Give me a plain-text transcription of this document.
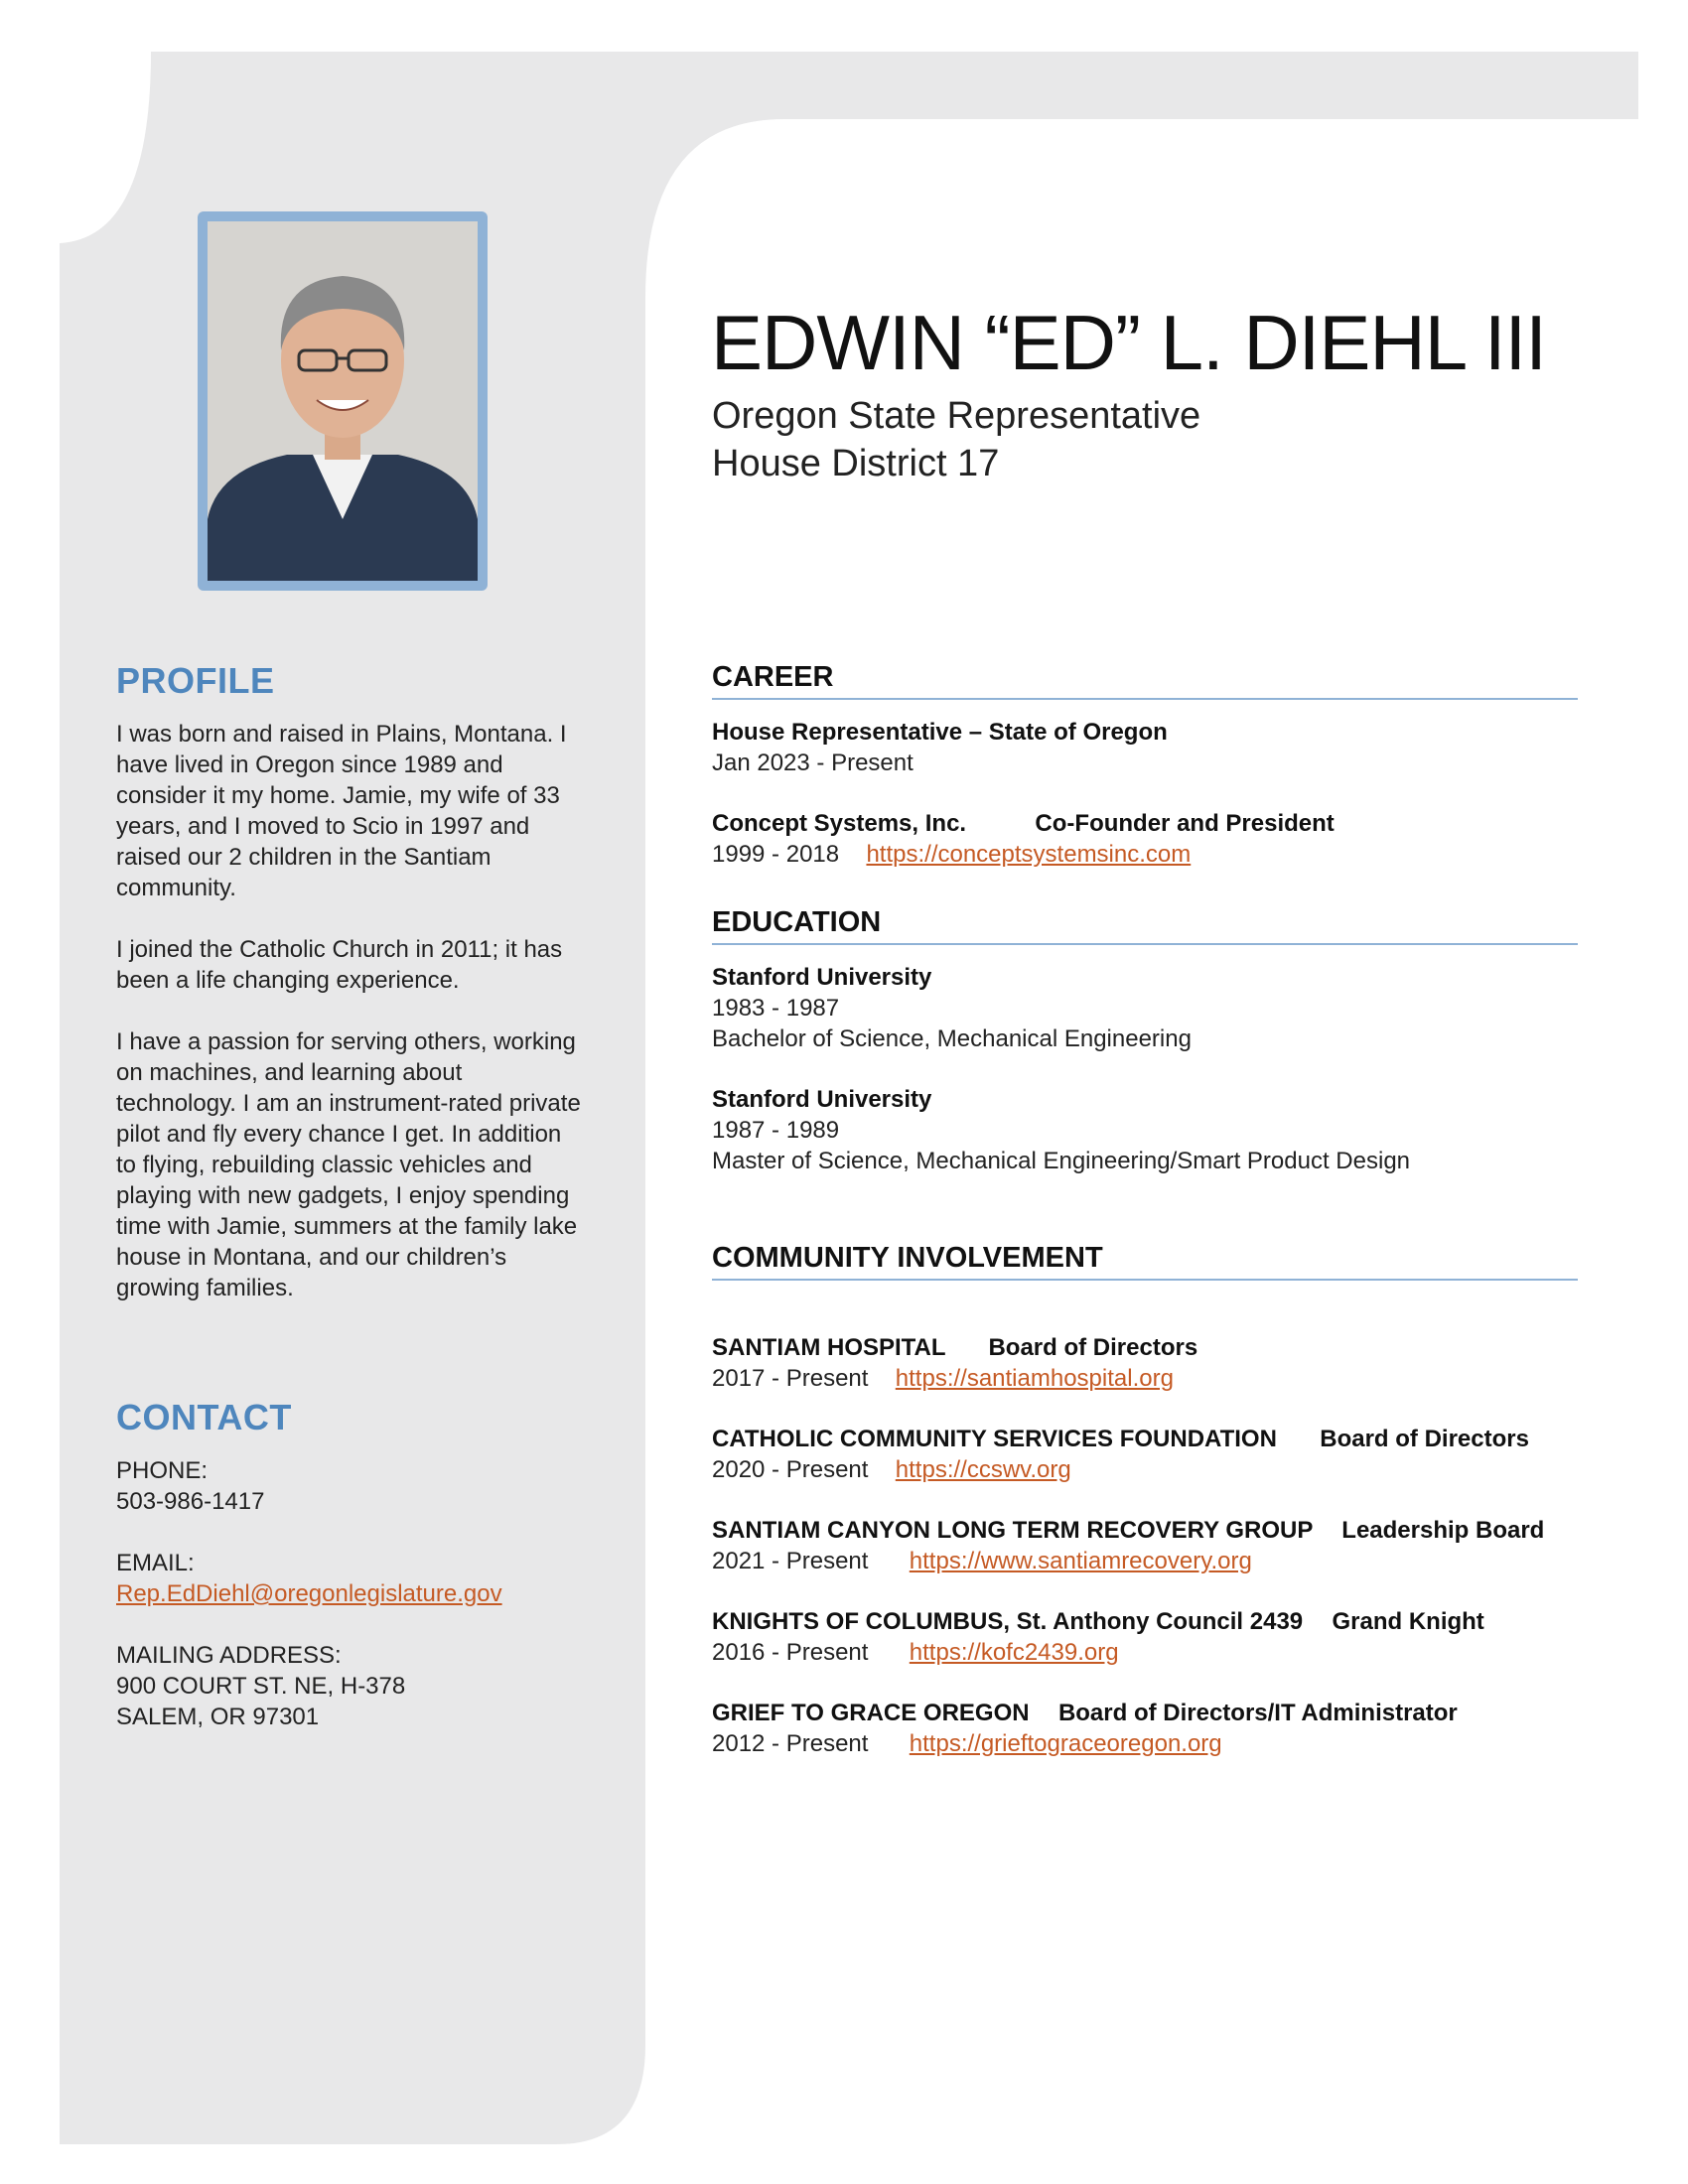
EDWIN “ED” L. DIEHL III
Oregon State Representative
House District 17
PROFILE

I was born and raised in Plains, Montana. I have lived in Oregon since 1989 and consider it my home. Jamie, my wife of 33 years, and I moved to Scio in 1997 and raised our 2 children in the Santiam community.

I joined the Catholic Church in 2011; it has been a life changing experience.

I have a passion for serving others, working on machines, and learning about technology. I am an instrument-rated private pilot and fly every chance I get. In addition to flying, rebuilding classic vehicles and playing with new gadgets, I enjoy spending time with Jamie, summers at the family lake house in Montana, and our children’s growing families.

CONTACT
PHONE:
503-986-1417
EMAIL:
Rep.EdDiehl@oregonlegislature.gov
MAILING ADDRESS:
900 COURT ST. NE, H-378
SALEM, OR 97301
CAREER
House Representative – State of Oregon
Jan 2023 - Present
Concept Systems, Inc.	Co-Founder and President
1999 - 2018 https://conceptsystemsinc.com
EDUCATION
Stanford University
1983 - 1987
Bachelor of Science, Mechanical Engineering
Stanford University
1987 - 1989
Master of Science, Mechanical Engineering/Smart Product Design
COMMUNITY INVOLVEMENT
SANTIAM HOSPITAL Board of Directors
2017 - Present https://santiamhospital.org
CATHOLIC COMMUNITY SERVICES FOUNDATION Board of Directors
2020 - Present https://ccswv.org
SANTIAM CANYON LONG TERM RECOVERY GROUP Leadership Board
2021 - Present https://www.santiamrecovery.org
KNIGHTS OF COLUMBUS, St. Anthony Council 2439 Grand Knight
2016 - Present https://kofc2439.org
GRIEF TO GRACE OREGON Board of Directors/IT Administrator
2012 - Present https://grieftograceoregon.org
